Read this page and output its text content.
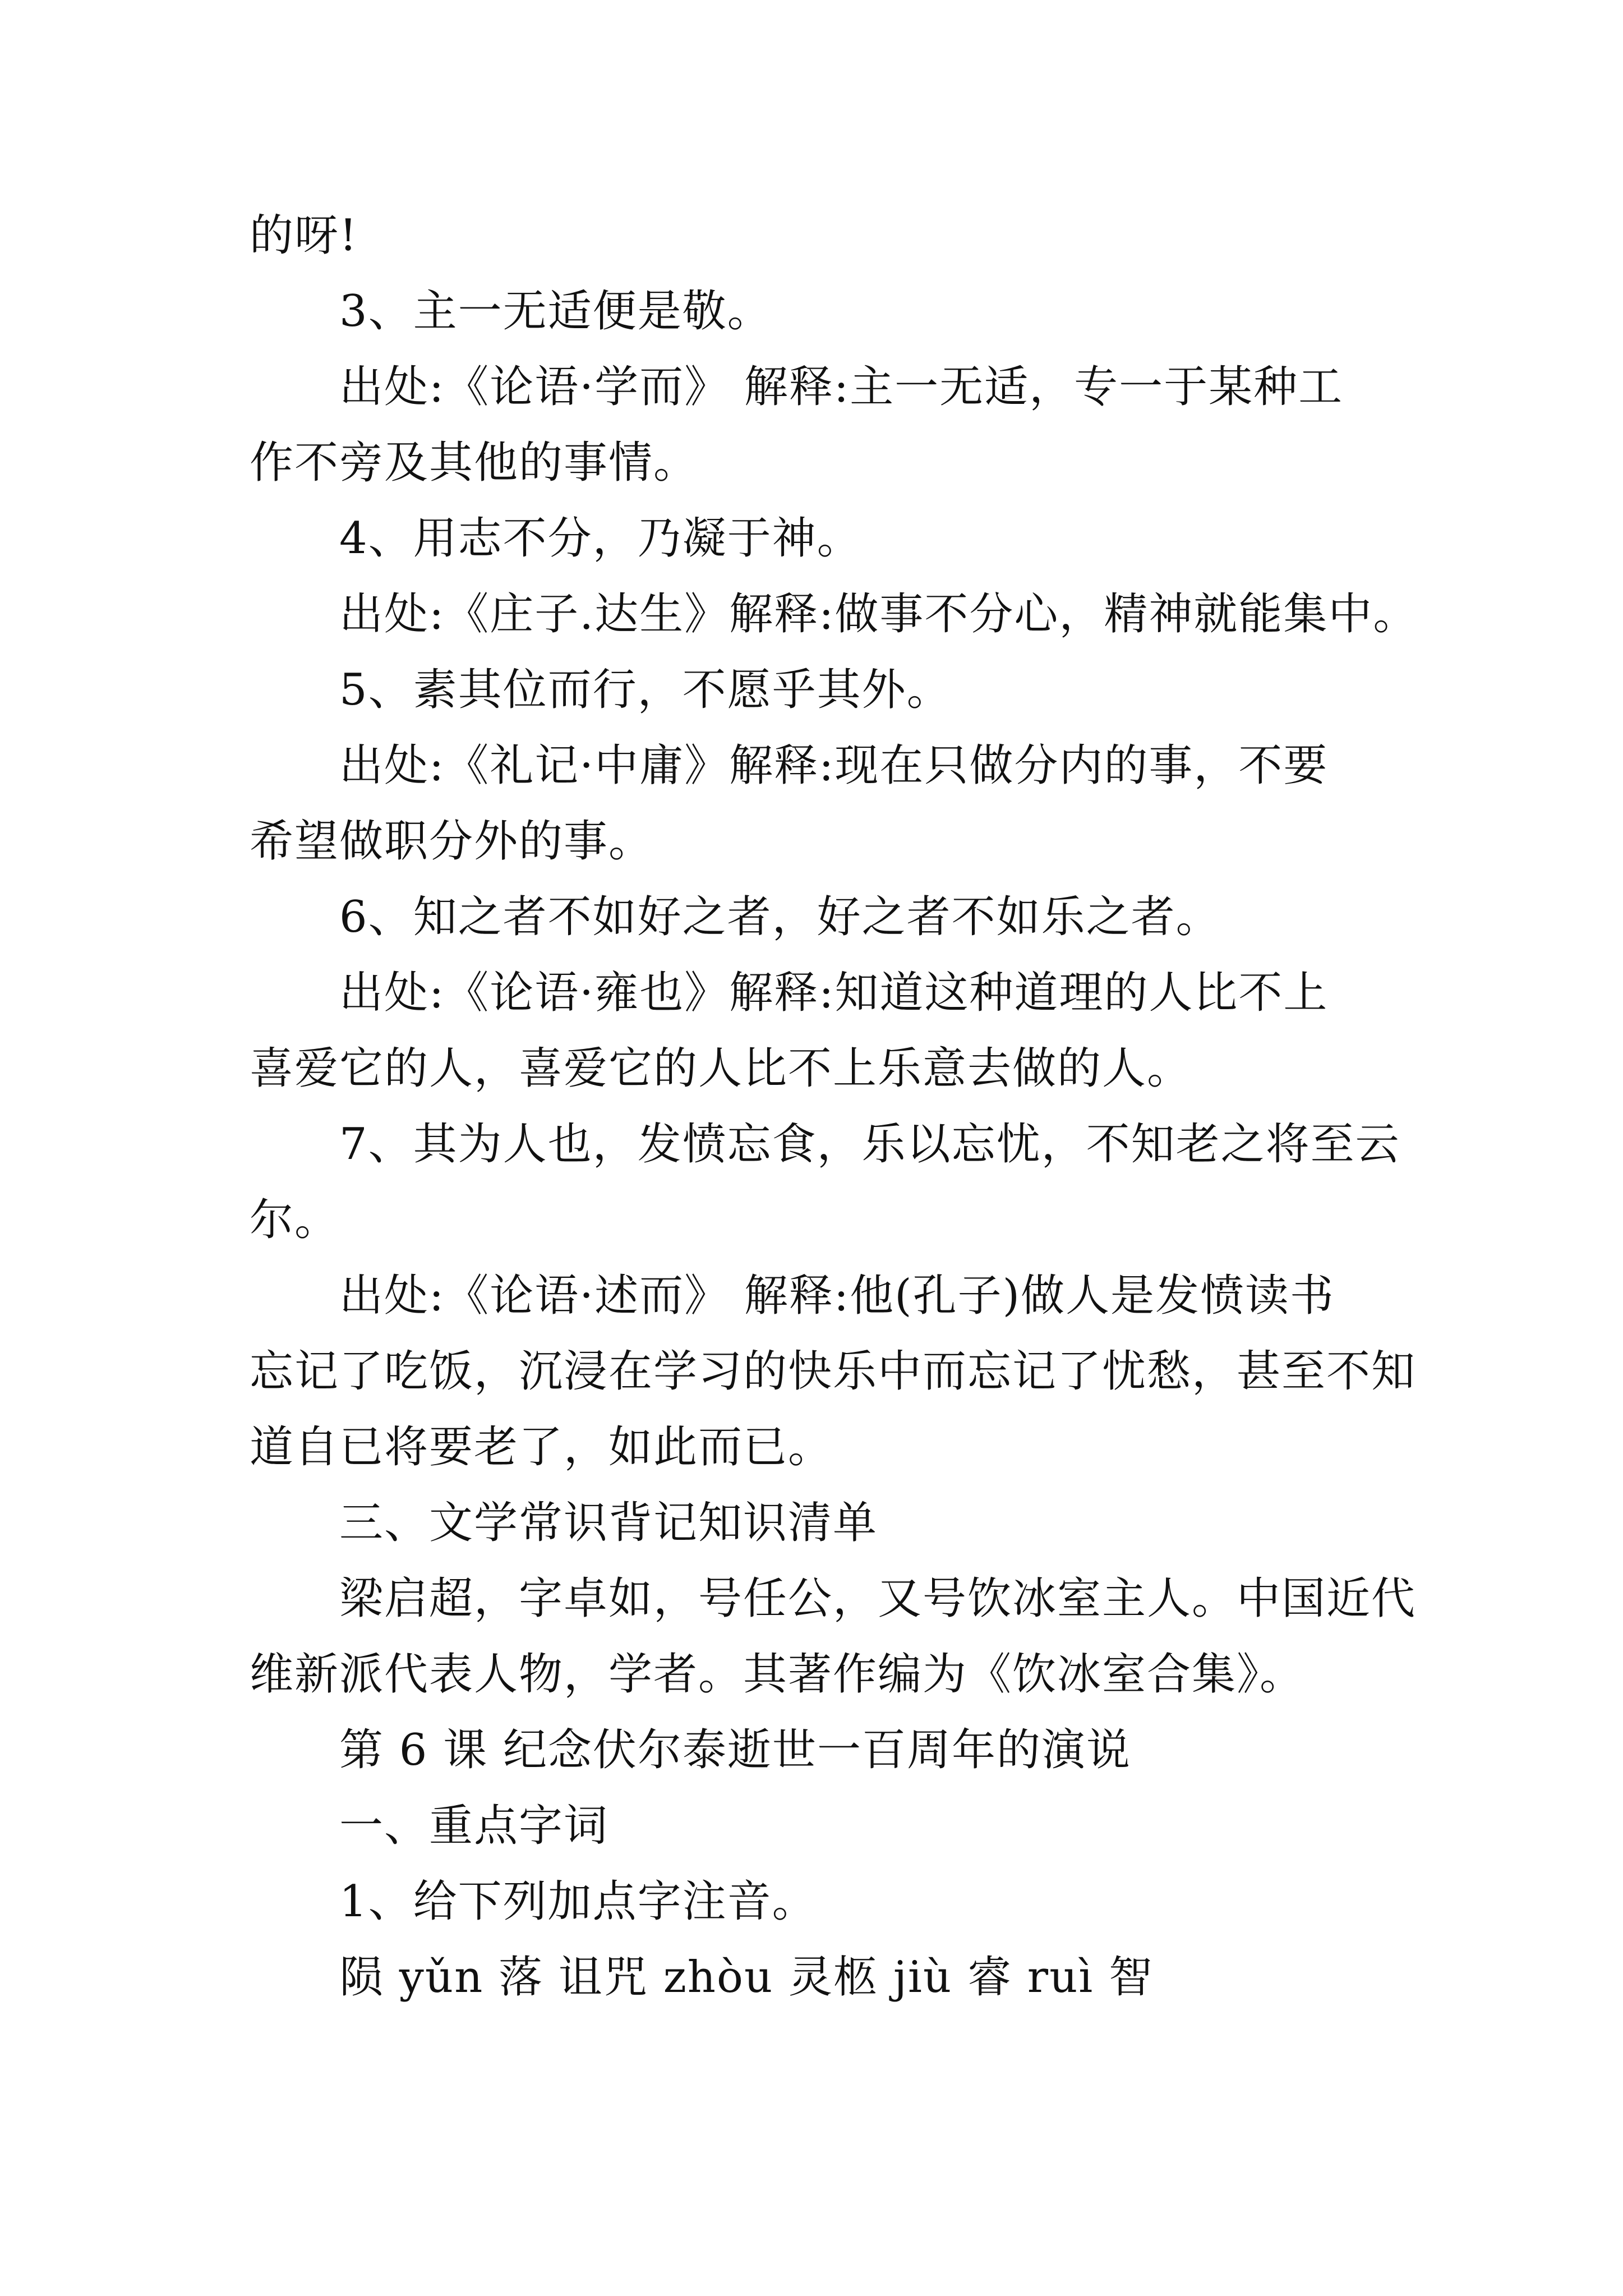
的呀!
3、主一无适便是敬。
出处:《论语·学而》 解释:主一无适，专一于某种工
作不旁及其他的事情。
4、用志不分，乃凝于神。
出处:《庄子.达生》解释:做事不分心，精神就能集中。
5、素其位而行，不愿乎其外。
出处:《礼记·中庸》解释:现在只做分内的事，不要
希望做职分外的事。
6、知之者不如好之者，好之者不如乐之者。
出处:《论语·雍也》解释:知道这种道理的人比不上
喜爱它的人，喜爱它的人比不上乐意去做的人。
7、其为人也，发愤忘食，乐以忘忧，不知老之将至云
尔。
出处:《论语·述而》 解释:他(孔子)做人是发愤读书
忘记了吃饭，沉浸在学习的快乐中而忘记了忧愁，甚至不知
道自已将要老了，如此而已。
三、文学常识背记知识清单
梁启超，字卓如，号任公，又号饮冰室主人。中国近代
维新派代表人物，学者。其著作编为《饮冰室合集》。
第 6 课 纪念伏尔泰逝世一百周年的演说
一、重点字词
1、给下列加点字注音。
陨 yǔn 落 诅咒 zhòu 灵柩 jiù 睿 ruì 智
